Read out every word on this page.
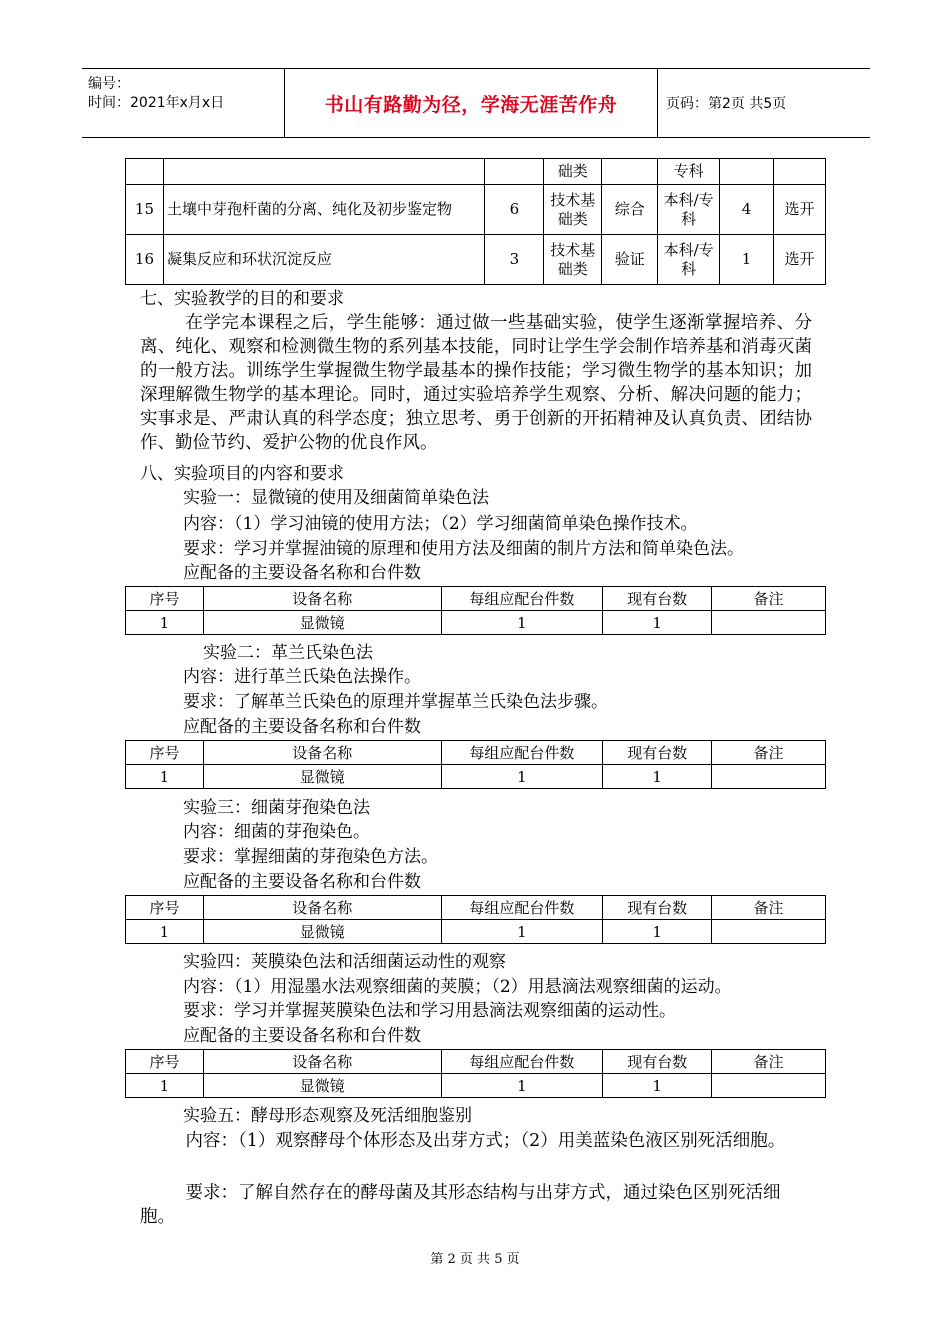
编号：
时间：2021年x月x日	书山有路勤为径，学海无涯苦作舟	页码：第2页 共5页
			础类		专科		
15	土壤中芽孢杆菌的分离、纯化及初步鉴定物	6	技术基础类	综合	本科/专科	4	选开
16	凝集反应和环状沉淀反应	3	技术基础类	验证	本科/专科	1	选开
七、实验教学的目的和要求
在学完本课程之后，学生能够：通过做一些基础实验，使学生逐渐掌握培养、分离、纯化、观察和检测微生物的系列基本技能，同时让学生学会制作培养基和消毒灭菌的一般方法。训练学生掌握微生物学最基本的操作技能；学习微生物学的基本知识；加深理解微生物学的基本理论。同时，通过实验培养学生观察、分析、解决问题的能力；实事求是、严肃认真的科学态度；独立思考、勇于创新的开拓精神及认真负责、团结协作、勤俭节约、爱护公物的优良作风。
八、实验项目的内容和要求
实验一：显微镜的使用及细菌简单染色法
内容：（1）学习油镜的使用方法；（2）学习细菌简单染色操作技术。
要求：学习并掌握油镜的原理和使用方法及细菌的制片方法和简单染色法。
应配备的主要设备名称和台件数
序号	设备名称	每组应配台件数	现有台数	备注
1	显微镜	1	1	
实验二：革兰氏染色法
内容：进行革兰氏染色法操作。
要求：了解革兰氏染色的原理并掌握革兰氏染色法步骤。
应配备的主要设备名称和台件数
序号	设备名称	每组应配台件数	现有台数	备注
1	显微镜	1	1	
实验三：细菌芽孢染色法
内容：细菌的芽孢染色。
要求：掌握细菌的芽孢染色方法。
应配备的主要设备名称和台件数
序号	设备名称	每组应配台件数	现有台数	备注
1	显微镜	1	1	
实验四：荚膜染色法和活细菌运动性的观察
内容：（1）用湿墨水法观察细菌的荚膜；（2）用悬滴法观察细菌的运动。
要求：学习并掌握荚膜染色法和学习用悬滴法观察细菌的运动性。
应配备的主要设备名称和台件数
序号	设备名称	每组应配台件数	现有台数	备注
1	显微镜	1	1	
实验五：酵母形态观察及死活细胞鉴别
内容：（1）观察酵母个体形态及出芽方式；（2）用美蓝染色液区别死活细胞。
要求：了解自然存在的酵母菌及其形态结构与出芽方式，通过染色区别死活细胞。
第 2 页 共 5 页
